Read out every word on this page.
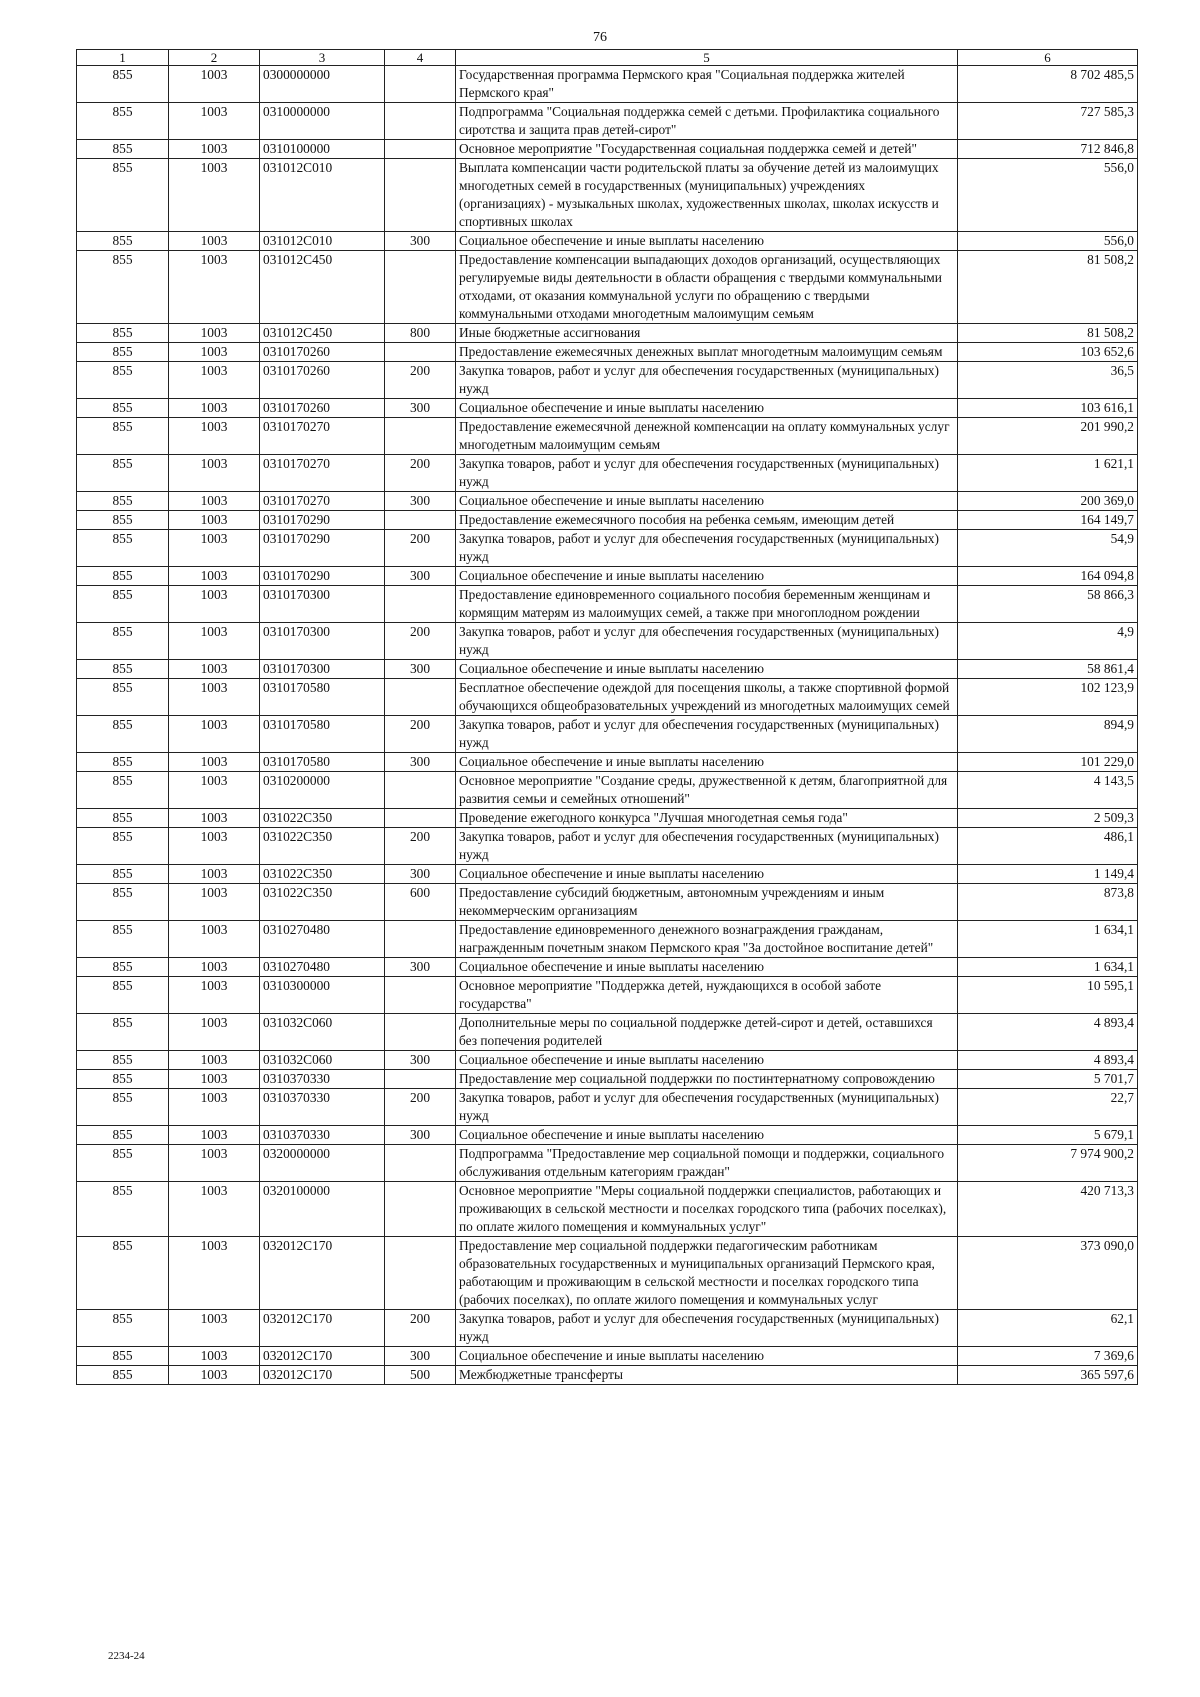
76
1	2	3	4	5	6
855	1003	0300000000		Государственная программа Пермского края "Социальная поддержка жителей Пермского края"	8 702 485,5
855	1003	0310000000		Подпрограмма "Социальная поддержка семей с детьми. Профилактика социального сиротства и защита прав детей-сирот"	727 585,3
855	1003	0310100000		Основное мероприятие "Государственная социальная поддержка семей и детей"	712 846,8
855	1003	031012С010		Выплата компенсации части родительской платы за обучение детей из малоимущих многодетных семей в государственных (муниципальных) учреждениях (организациях) - музыкальных школах, художественных школах, школах искусств и спортивных школах	556,0
855	1003	031012С010	300	Социальное обеспечение и иные выплаты населению	556,0
855	1003	031012С450		Предоставление компенсации выпадающих доходов организаций, осуществляющих регулируемые виды деятельности в области обращения с твердыми коммунальными отходами, от оказания коммунальной услуги по обращению с твердыми коммунальными отходами многодетным малоимущим семьям	81 508,2
855	1003	031012С450	800	Иные бюджетные ассигнования	81 508,2
855	1003	0310170260		Предоставление ежемесячных денежных выплат многодетным малоимущим семьям	103 652,6
855	1003	0310170260	200	Закупка товаров, работ и услуг для обеспечения государственных (муниципальных) нужд	36,5
855	1003	0310170260	300	Социальное обеспечение и иные выплаты населению	103 616,1
855	1003	0310170270		Предоставление ежемесячной денежной компенсации на оплату коммунальных услуг многодетным малоимущим семьям	201 990,2
855	1003	0310170270	200	Закупка товаров, работ и услуг для обеспечения государственных (муниципальных) нужд	1 621,1
855	1003	0310170270	300	Социальное обеспечение и иные выплаты населению	200 369,0
855	1003	0310170290		Предоставление ежемесячного пособия на ребенка семьям, имеющим детей	164 149,7
855	1003	0310170290	200	Закупка товаров, работ и услуг для обеспечения государственных (муниципальных) нужд	54,9
855	1003	0310170290	300	Социальное обеспечение и иные выплаты населению	164 094,8
855	1003	0310170300		Предоставление единовременного социального пособия беременным женщинам и кормящим матерям из малоимущих семей, а также при многоплодном рождении	58 866,3
855	1003	0310170300	200	Закупка товаров, работ и услуг для обеспечения государственных (муниципальных) нужд	4,9
855	1003	0310170300	300	Социальное обеспечение и иные выплаты населению	58 861,4
855	1003	0310170580		Бесплатное обеспечение одеждой для посещения школы, а также спортивной формой обучающихся общеобразовательных учреждений из многодетных малоимущих семей	102 123,9
855	1003	0310170580	200	Закупка товаров, работ и услуг для обеспечения государственных (муниципальных) нужд	894,9
855	1003	0310170580	300	Социальное обеспечение и иные выплаты населению	101 229,0
855	1003	0310200000		Основное мероприятие "Создание среды, дружественной к детям, благоприятной для развития семьи и семейных отношений"	4 143,5
855	1003	031022С350		Проведение ежегодного конкурса "Лучшая многодетная семья года"	2 509,3
855	1003	031022С350	200	Закупка товаров, работ и услуг для обеспечения государственных (муниципальных) нужд	486,1
855	1003	031022С350	300	Социальное обеспечение и иные выплаты населению	1 149,4
855	1003	031022С350	600	Предоставление субсидий бюджетным, автономным учреждениям и иным некоммерческим организациям	873,8
855	1003	0310270480		Предоставление единовременного денежного вознаграждения гражданам, награжденным почетным знаком Пермского края "За достойное воспитание детей"	1 634,1
855	1003	0310270480	300	Социальное обеспечение и иные выплаты населению	1 634,1
855	1003	0310300000		Основное мероприятие "Поддержка детей, нуждающихся в особой заботе государства"	10 595,1
855	1003	031032С060		Дополнительные меры по социальной поддержке детей-сирот и детей, оставшихся без попечения родителей	4 893,4
855	1003	031032С060	300	Социальное обеспечение и иные выплаты населению	4 893,4
855	1003	0310370330		Предоставление мер социальной поддержки по постинтернатному сопровождению	5 701,7
855	1003	0310370330	200	Закупка товаров, работ и услуг для обеспечения государственных (муниципальных) нужд	22,7
855	1003	0310370330	300	Социальное обеспечение и иные выплаты населению	5 679,1
855	1003	0320000000		Подпрограмма "Предоставление мер социальной помощи и поддержки, социального обслуживания отдельным категориям граждан"	7 974 900,2
855	1003	0320100000		Основное мероприятие "Меры социальной поддержки специалистов, работающих и проживающих в сельской местности и поселках городского типа (рабочих поселках), по оплате жилого помещения и коммунальных услуг"	420 713,3
855	1003	032012С170		Предоставление мер социальной поддержки педагогическим работникам образовательных государственных и муниципальных организаций Пермского края, работающим и проживающим в сельской местности и поселках городского типа (рабочих поселках), по оплате жилого помещения и коммунальных услуг	373 090,0
855	1003	032012С170	200	Закупка товаров, работ и услуг для обеспечения государственных (муниципальных) нужд	62,1
855	1003	032012С170	300	Социальное обеспечение и иные выплаты населению	7 369,6
855	1003	032012С170	500	Межбюджетные трансферты	365 597,6
2234-24
